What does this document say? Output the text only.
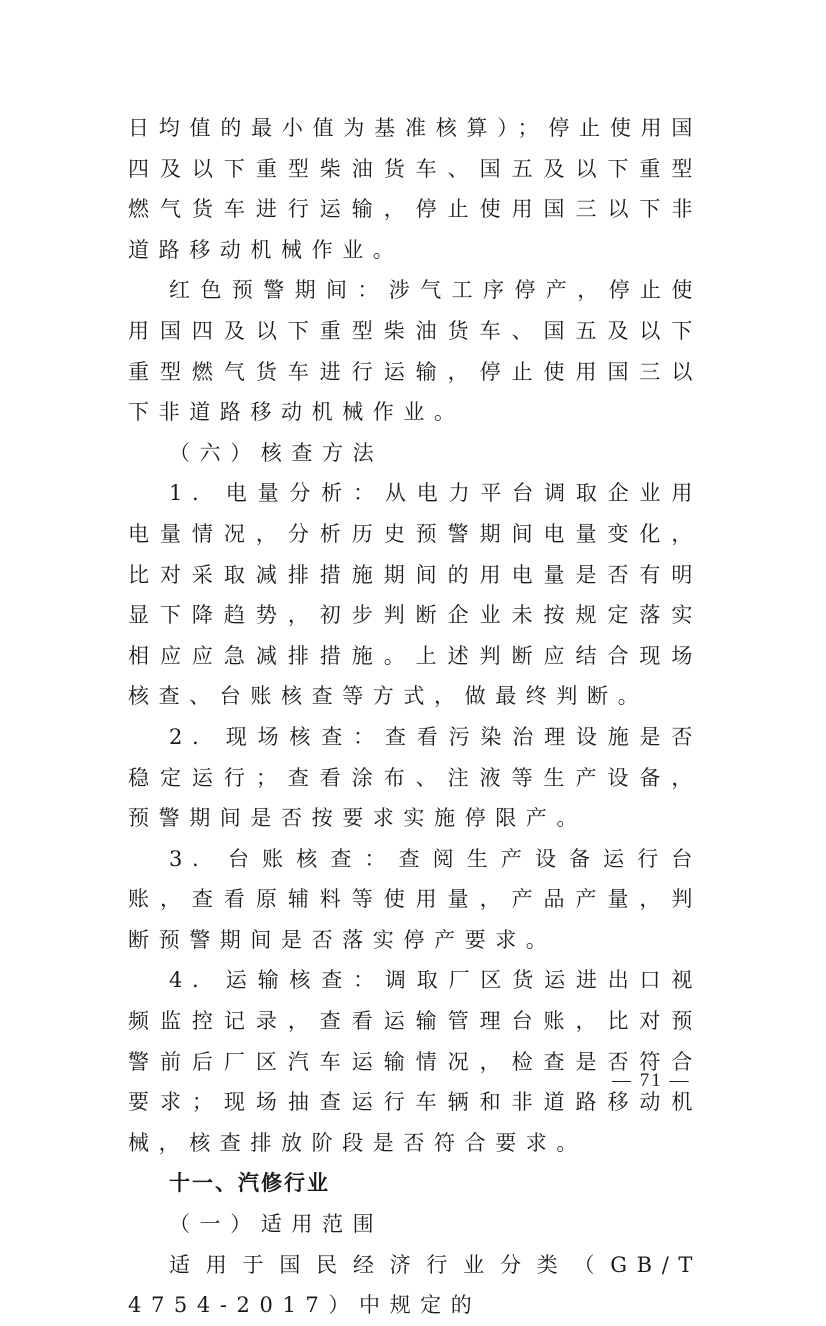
日均值的最小值为基准核算）；停止使用国四及以下重型柴油货车、国五及以下重型燃气货车进行运输，停止使用国三以下非道路移动机械作业。

红色预警期间：涉气工序停产，停止使用国四及以下重型柴油货车、国五及以下重型燃气货车进行运输，停止使用国三以下非道路移动机械作业。

（六）核查方法

1. 电量分析：从电力平台调取企业用电量情况，分析历史预警期间电量变化，比对采取减排措施期间的用电量是否有明显下降趋势，初步判断企业未按规定落实相应应急减排措施。上述判断应结合现场核查、台账核查等方式，做最终判断。

2. 现场核查：查看污染治理设施是否稳定运行；查看涂布、注液等生产设备，预警期间是否按要求实施停限产。

3. 台账核查：查阅生产设备运行台账，查看原辅料等使用量，产品产量，判断预警期间是否落实停产要求。

4. 运输核查：调取厂区货运进出口视频监控记录，查看运输管理台账，比对预警前后厂区汽车运输情况，检查是否符合要求；现场抽查运行车辆和非道路移动机械，核查排放阶段是否符合要求。

十一、汽修行业

（一）适用范围

适用于国民经济行业分类（GB/T 4754-2017）中规定的

— 71 —
